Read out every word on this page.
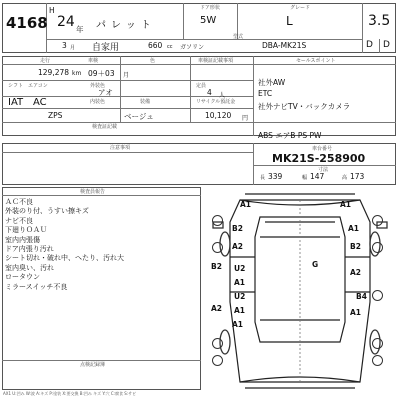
4168
H
24 年 パレット
ドア形状
5W
グレード
L	3.5
3 月 自家用	660 cc ガソリン
型式
DBA-MK21S	D D
走行	車検	色	車検証記載事項	セールスポイント
129,278 km 09＋03 月
シフト エアコン	外装色
アオ
定員
4 人
IAT AC	内装色	装備	リサイクル預託金
ZPS	ベージュ	10,120 円
検査証記載
社外AW
ETC
社外ナビTV・バックカメラ
ABS エアB PS PW
注意事項	車台番号
MK21S-258900
寸法
長 339	幅 147	高 173
検査員報告
点検記録簿
ＡＣ不良
外装のり付、うすい擦キズ
ナビ不良
下廻りＯＡＵ
室内内張傷
ドア内張り汚れ
シート切れ・破れ中、へたり、汚れ大
室内臭い、汚れ
ロータウン
ミラースイッチ不良
AX1 U:凹み W:波 A:キズ P:塗装 X:要交換 B:凹み キズ Y:穴 C:腐食 S:サビ
A1	A1
B2	A1
A2	B2
B2 U2
A1
G
A2
U2	B4
A1	A1
A2
A1
